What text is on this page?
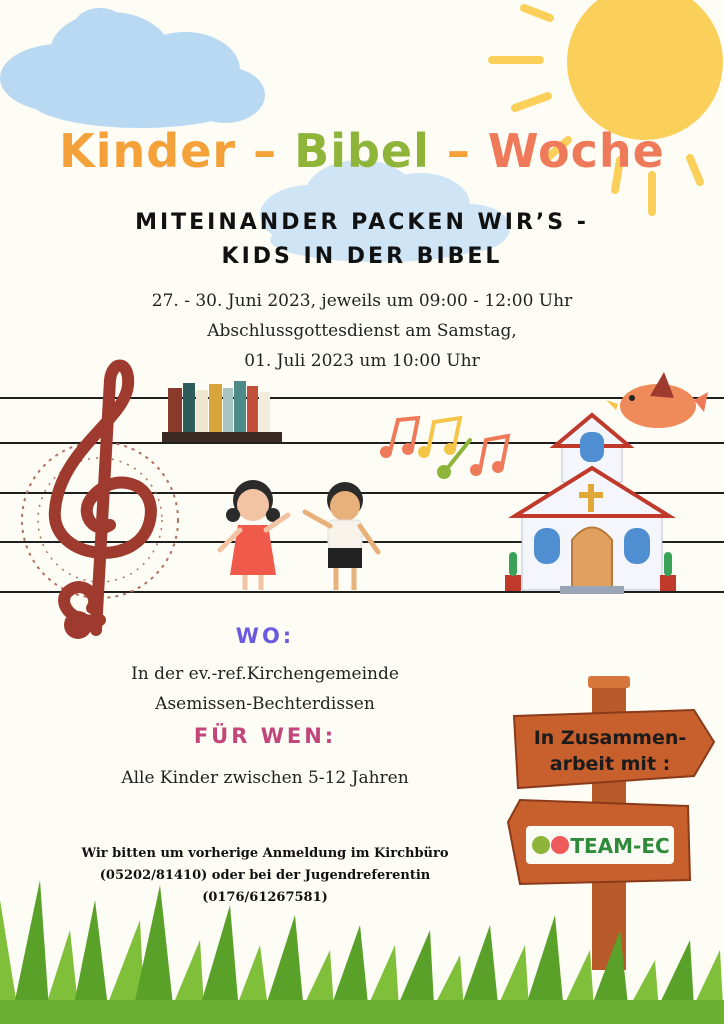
In Zusammen-
arbeit mit :
TEAM-EC
Kinder – Bibel – Woche
MITEINANDER PACKEN WIR’S -
KIDS IN DER BIBEL
27. - 30. Juni 2023, jeweils um 09:00 - 12:00 Uhr
Abschlussgottesdienst am Samstag,
01. Juli 2023 um 10:00 Uhr
WO:
In der ev.-ref.Kirchengemeinde
Asemissen-Bechterdissen
FÜR WEN:
Alle Kinder zwischen 5-12 Jahren
Wir bitten um vorherige Anmeldung im Kirchbüro
(05202/81410) oder bei der Jugendreferentin
(0176/61267581)
